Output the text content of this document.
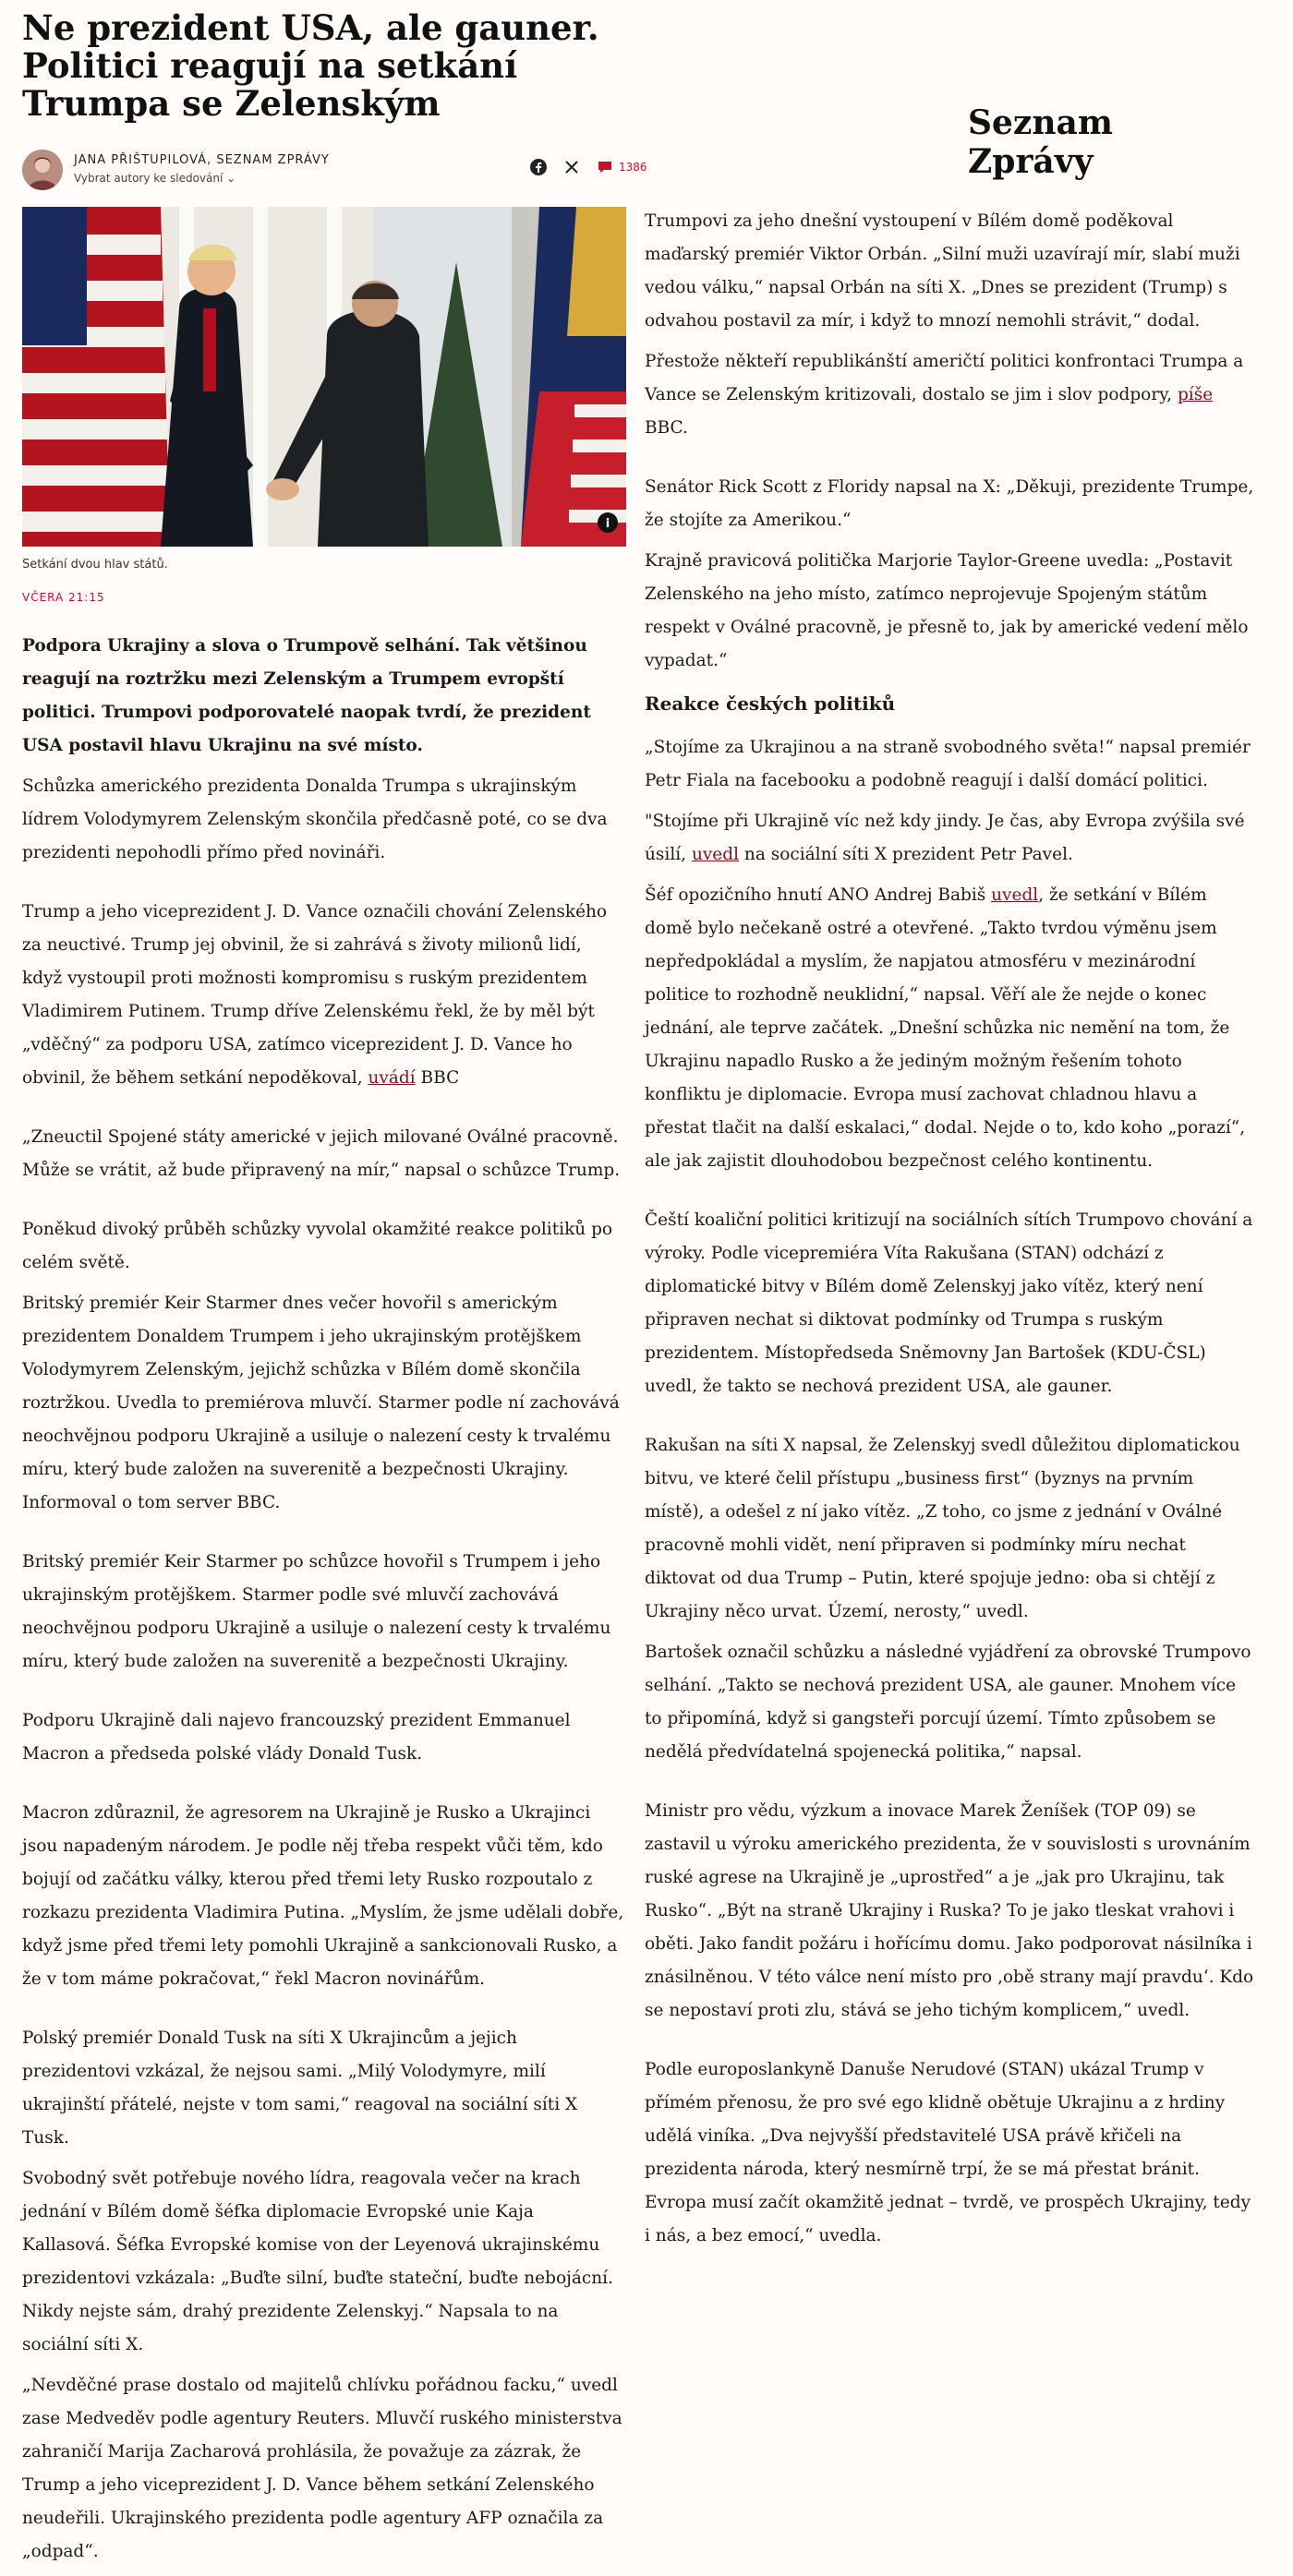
Ne prezident USA, ale gauner. Politici reagují na setkání Trumpa se Zelenským	Seznam Zprávy
JANA PŘIŠTUPILOVÁ, SEZNAM ZPRÁVY
Vybrat autory ke sledování ⌄
1386
i
Setkání dvou hlav států.
VČERA 21:15

Podpora Ukrajiny a slova o Trumpově selhání. Tak většinou reagují na roztržku mezi Zelenským a Trumpem evropští politici. Trumpovi podporovatelé naopak tvrdí, že prezident USA postavil hlavu Ukrajinu na své místo.

Schůzka amerického prezidenta Donalda Trumpa s ukrajinským lídrem Volodymyrem Zelenským skončila předčasně poté, co se dva prezidenti nepohodli přímo před novináři.

Trump a jeho viceprezident J. D. Vance označili chování Zelenského za neuctivé. Trump jej obvinil, že si zahrává s životy milionů lidí, když vystoupil proti možnosti kompromisu s ruským prezidentem Vladimirem Putinem. Trump dříve Zelenskému řekl, že by měl být „vděčný“ za podporu USA, zatímco viceprezident J. D. Vance ho obvinil, že během setkání nepoděkoval, uvádí BBC

„Zneuctil Spojené státy americké v jejich milované Oválné pracovně. Může se vrátit, až bude připravený na mír,“ napsal o schůzce Trump.

Poněkud divoký průběh schůzky vyvolal okamžité reakce politiků po celém světě.

Britský premiér Keir Starmer dnes večer hovořil s americkým prezidentem Donaldem Trumpem i jeho ukrajinským protějškem Volodymyrem Zelenským, jejichž schůzka v Bílém domě skončila roztržkou. Uvedla to premiérova mluvčí. Starmer podle ní zachovává neochvějnou podporu Ukrajině a usiluje o nalezení cesty k trvalému míru, který bude založen na suverenitě a bezpečnosti Ukrajiny. Informoval o tom server BBC.

Britský premiér Keir Starmer po schůzce hovořil s Trumpem i jeho ukrajinským protějškem. Starmer podle své mluvčí zachovává neochvějnou podporu Ukrajině a usiluje o nalezení cesty k trvalému míru, který bude založen na suverenitě a bezpečnosti Ukrajiny.

Podporu Ukrajině dali najevo francouzský prezident Emmanuel Macron a předseda polské vlády Donald Tusk.

Macron zdůraznil, že agresorem na Ukrajině je Rusko a Ukrajinci jsou napadeným národem. Je podle něj třeba respekt vůči těm, kdo bojují od začátku války, kterou před třemi lety Rusko rozpoutalo z rozkazu prezidenta Vladimira Putina. „Myslím, že jsme udělali dobře, když jsme před třemi lety pomohli Ukrajině a sankcionovali Rusko, a že v tom máme pokračovat,“ řekl Macron novinářům.

Polský premiér Donald Tusk na síti X Ukrajincům a jejich prezidentovi vzkázal, že nejsou sami. „Milý Volodymyre, milí ukrajinští přátelé, nejste v tom sami,“ reagoval na sociální síti X Tusk.

Svobodný svět potřebuje nového lídra, reagovala večer na krach jednání v Bílém domě šéfka diplomacie Evropské unie Kaja Kallasová. Šéfka Evropské komise von der Leyenová ukrajinskému prezidentovi vzkázala: „Buďte silní, buďte stateční, buďte nebojácní. Nikdy nejste sám, drahý prezidente Zelenskyj.“ Napsala to na sociální síti X.

„Nevděčné prase dostalo od majitelů chlívku pořádnou facku,“ uvedl zase Medveděv podle agentury Reuters. Mluvčí ruského ministerstva zahraničí Marija Zacharová prohlásila, že považuje za zázrak, že Trump a jeho viceprezident J. D. Vance během setkání Zelenského neudeřili. Ukrajinského prezidenta podle agentury AFP označila za „odpad“.

Trumpovi za jeho dnešní vystoupení v Bílém domě poděkoval maďarský premiér Viktor Orbán. „Silní muži uzavírají mír, slabí muži vedou válku,“ napsal Orbán na síti X. „Dnes se prezident (Trump) s odvahou postavil za mír, i když to mnozí nemohli strávit,“ dodal.

Přestože někteří republikánští američtí politici konfrontaci Trumpa a Vance se Zelenským kritizovali, dostalo se jim i slov podpory, píše BBC.

Senátor Rick Scott z Floridy napsal na X: „Děkuji, prezidente Trumpe, že stojíte za Amerikou.“

Krajně pravicová političkа Marjorie Taylor-Greene uvedla: „Postavit Zelenského na jeho místo, zatímco neprojevuje Spojeným státům respekt v Oválné pracovně, je přesně to, jak by americké vedení mělo vypadat.“

Reakce českých politiků

„Stojíme za Ukrajinou a na straně svobodného světa!“ napsal premiér Petr Fiala na facebooku a podobně reagují i další domácí politici.

"Stojíme při Ukrajině víc než kdy jindy. Je čas, aby Evropa zvýšila své úsilí, uvedl na sociální síti X prezident Petr Pavel.

Šéf opozičního hnutí ANO Andrej Babiš uvedl, že setkání v Bílém domě bylo nečekaně ostré a otevřené. „Takto tvrdou výměnu jsem nepředpokládal a myslím, že napjatou atmosféru v mezinárodní politice to rozhodně neuklidní,“ napsal. Věří ale že nejde o konec jednání, ale teprve začátek. „Dnešní schůzka nic nemění na tom, že Ukrajinu napadlo Rusko a že jediným možným řešením tohoto konfliktu je diplomacie. Evropa musí zachovat chladnou hlavu a přestat tlačit na další eskalaci,“ dodal. Nejde o to, kdo koho „porazí“, ale jak zajistit dlouhodobou bezpečnost celého kontinentu.

Čeští koaliční politici kritizují na sociálních sítích Trumpovo chování a výroky. Podle vicepremiéra Víta Rakušana (STAN) odchází z diplomatické bitvy v Bílém domě Zelenskyj jako vítěz, který není připraven nechat si diktovat podmínky od Trumpa s ruským prezidentem. Místopředseda Sněmovny Jan Bartošek (KDU-ČSL) uvedl, že takto se nechová prezident USA, ale gauner.

Rakušan na síti X napsal, že Zelenskyj svedl důležitou diplomatickou bitvu, ve které čelil přístupu „business first“ (byznys na prvním místě), a odešel z ní jako vítěz. „Z toho, co jsme z jednání v Oválné pracovně mohli vidět, není připraven si podmínky míru nechat diktovat od dua Trump – Putin, které spojuje jedno: oba si chtějí z Ukrajiny něco urvat. Území, nerosty,“ uvedl.

Bartošek označil schůzku a následné vyjádření za obrovské Trumpovo selhání. „Takto se nechová prezident USA, ale gauner. Mnohem více to připomíná, když si gangsteři porcují území. Tímto způsobem se nedělá předvídatelná spojenecká politika,“ napsal.

Ministr pro vědu, výzkum a inovace Marek Ženíšek (TOP 09) se zastavil u výroku amerického prezidenta, že v souvislosti s urovnáním ruské agrese na Ukrajině je „uprostřed“ a je „jak pro Ukrajinu, tak Rusko“. „Být na straně Ukrajiny i Ruska? To je jako tleskat vrahovi i oběti. Jako fandit požáru i hořícímu domu. Jako podporovat násilníka i znásilněnou. V této válce není místo pro ‚obě strany mají pravdu‘. Kdo se nepostaví proti zlu, stává se jeho tichým komplicem,“ uvedl.

Podle europoslankyně Danuše Nerudové (STAN) ukázal Trump v přímém přenosu, že pro své ego klidně obětuje Ukrajinu a z hrdiny udělá viníka. „Dva nejvyšší představitelé USA právě křičeli na prezidenta národa, který nesmírně trpí, že se má přestat bránit. Evropa musí začít okamžitě jednat – tvrdě, ve prospěch Ukrajiny, tedy i nás, a bez emocí,“ uvedla.
